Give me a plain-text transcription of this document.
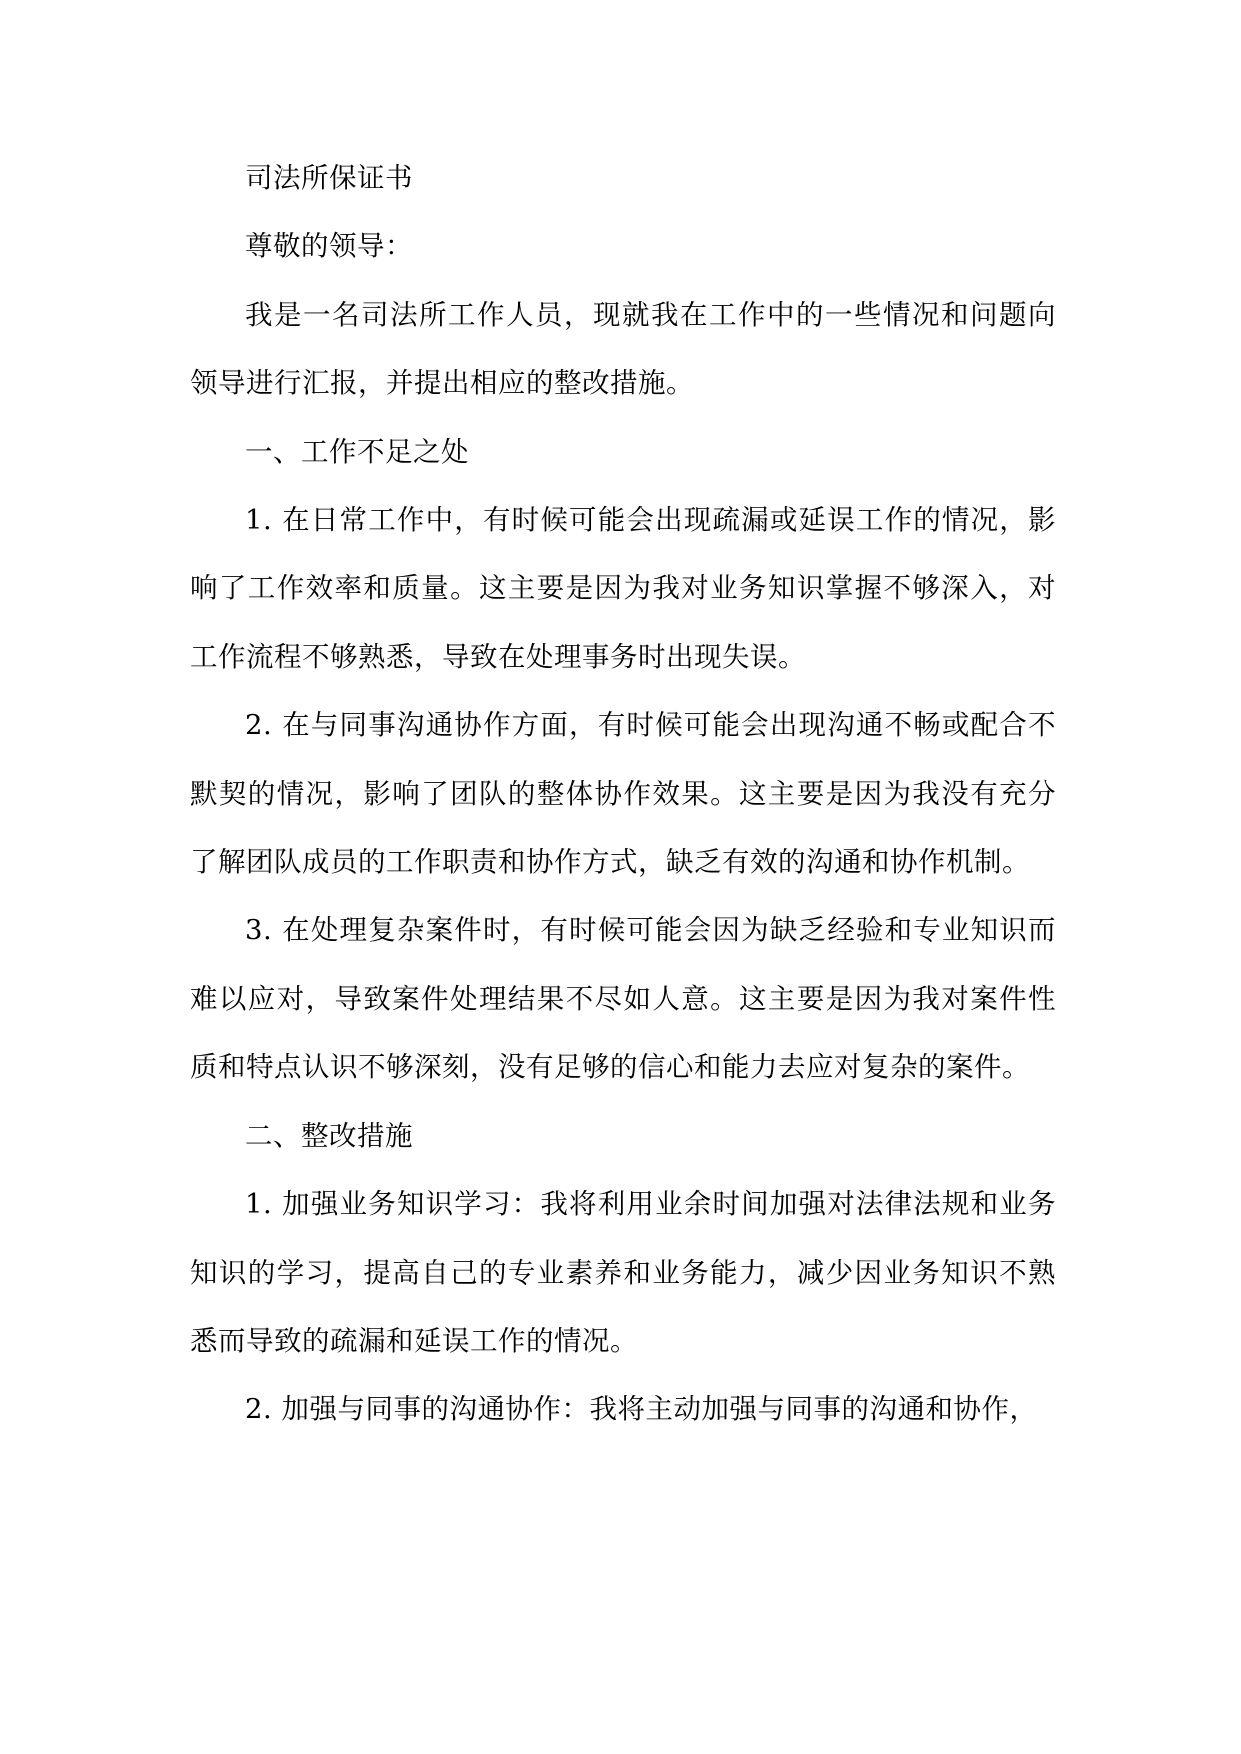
司法所保证书

尊敬的领导：

我是一名司法所工作人员，现就我在工作中的一些情况和问题向领导进行汇报，并提出相应的整改措施。

一、工作不足之处

1. 在日常工作中，有时候可能会出现疏漏或延误工作的情况，影响了工作效率和质量。这主要是因为我对业务知识掌握不够深入，对工作流程不够熟悉，导致在处理事务时出现失误。

2. 在与同事沟通协作方面，有时候可能会出现沟通不畅或配合不默契的情况，影响了团队的整体协作效果。这主要是因为我没有充分了解团队成员的工作职责和协作方式，缺乏有效的沟通和协作机制。

3. 在处理复杂案件时，有时候可能会因为缺乏经验和专业知识而难以应对，导致案件处理结果不尽如人意。这主要是因为我对案件性质和特点认识不够深刻，没有足够的信心和能力去应对复杂的案件。

二、整改措施

1. 加强业务知识学习：我将利用业余时间加强对法律法规和业务知识的学习，提高自己的专业素养和业务能力，减少因业务知识不熟悉而导致的疏漏和延误工作的情况。

2. 加强与同事的沟通协作：我将主动加强与同事的沟通和协作，
